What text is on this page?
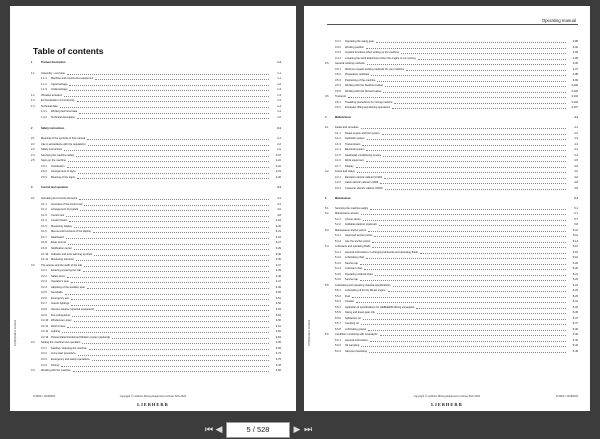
Table of contents
16(SR)Edition 01/2021
1	Product description	1-1
1.1 Assembly - overview	1-1
1.1.1 Machine and construction equipment	1-1
1.1.2 Uppercarriage	1-2
1.1.3 Undercarriage	1-3
1.2 Vibration emission	1-3
1.3 EC Declaration of Conformity	1-3
1.4 Technical data	1-4
1.4.1 Working technical data	1-4
1.4.2 Technical description	1-6
2	Safety instructions	2-1
2.1 Meaning of the symbols in this manual	2-1
2.2 Use in accordance with the regulations	2-2
2.3 Safety instructions	2-2
2.4 Servicing the machine safely	2-15
2.5 Signs on the machine	2-22
2.5.1 Introduction	2-22
2.5.2 Arrangement of signs	2-23
2.5.3 Meaning of the signs	2-26
3	Control and operation	3-1
3.1 Operating and control elements	3-1
3.1.1 Overview of the control cab	3-1
3.1.2 Arrangement of joystick	3-6
3.1.3 Control unit	3-8
3.1.4 Control board	3-18
3.1.5 Monitoring display	3-20
3.1.6 Menus and functions of the display	3-21
3.1.7 Dashboard	3-24
3.1.8 Enter prompt	3-27
3.1.9 Notification center	3-29
3.1.10 Indicator and error warning symbols	3-30
3.1.11 Monitoring cameras	3-35
3.2 The access and the outfit of the cab	3-37
3.2.1 Entering a leaving the cab	3-39
3.2.2 Safety lever	3-46
3.2.3 Operator's seat	3-47
3.2.4 Adjusting of the auxiliary seat	3-49
3.2.5 Sunshade	3-50
3.2.6 Emergency exit	3-51
3.2.7 Interior lightings	3-52
3.2.8 Vacuum cleaner (optional equipment)	3-53
3.2.9 Fire extinguisher	3-54
3.2.10 Windscreen wiper	3-56
3.2.11 Field of view	3-61
3.2.12 Lighting	3-62
3.2.13 Pressurization/reinforced filtration system (optional)	3-63
3.3 Setting the machine into operation	3-65
3.3.1 Starting / stopping the machine	3-65
3.3.2 Jump start procedure	3-73
3.3.3 Emergency and safety operations	3-75
3.3.4 Driving	3-78
3.4 Working with the machine	3-82
R 9600 / 12236004	copyright © Liebherr-Mining Equipment Colmar SAS 2021
LIEBHERR
Operating manual
16(SR)Edition 01/2021
3.4.1 Operating the swing gear	3-89
3.4.2 Working position	3-92
3.4.3 Joystick functions when setting up the machine	3-93
3.4.4 Lowering the work attachment when the engine is not running	3-95
3.5 General working methods	3-96
3.5.1 Minimum impact working methods for your machine	3-97
3.5.2 Preparatory activities	3-98
3.5.3 Positioning of the machine	3-99
3.5.4 Working with the backhoe bucket	3-100
3.5.5 Working with the Shovel bucket	3-102
3.6 Transport	3-104
3.6.1 Travelling procedures for mining machine	3-104
3.6.2 Excavator lifting and lashing operations	3-107
4	Malfunctions	4-1
4.1 Faults and remedies	4-1
4.1.1 Diesel engine and fuel system	4-2
4.1.2 Hydraulic system	4-3
4.1.3 Transmission	4-3
4.1.4 Electrical system	4-4
4.1.5 Heating/air-conditioning system	4-4
4.1.6 Work equipment	4-5
4.1.7 Display	4-5
4.2 Fuses and relays	4-6
4.2.1 Elevation electric cabinet U1003	4-6
4.2.2 Cabin electric cabinet U1005	4-8
4.2.3 Customer electric cabinet U1815	4-8
5	Maintenance	5-1
5.1 Servicing the machine safely	5-1
5.2 Maintenance access	5-7
5.2.1 Access doors	5-7
5.2.2 Foldable platform (optional)	5-8
5.3 Maintenance anchor points	5-11
5.3.1 Approved anchor points	5-11
5.3.2 Use the anchor points	5-14
5.4 Lubricants and operating fluids	5-15
5.4.1 General information on changing lubricants and operating fluids	5-15
5.4.2 Lubricating chart	5-16
5.4.3 Service tap	5-20
5.4.4 Lubricant chart	5-20
5.4.5 Operating material chart	5-21
5.4.6 Service tap	5-22
5.5 Lubricating and operating material specifications	5-23
5.5.1 Lubricating oil for the Diesel engine	5-23
5.5.2 Fuel	5-29
5.5.3 Coolant	5-31
5.5.4 Hydraulic oil specifications for LIEBHERR Mining excavators	5-34
5.5.5 Swing and travel gear oils	5-36
5.5.6 Splitterbox oil	5-37
5.5.7 Coupling oil	5-37
5.5.8 Lubricating grease	5-39
5.6 Condition monitoring with oil analysis	5-42
5.6.1 General information	5-42
5.6.2 Oil sampling	5-43
5.6.3 Sample processing	5-45
copyright © Liebherr-Mining Equipment Colmar SAS 2021	R 9600 / 12236004
LIEBHERR
⏮ ◀	5 / 528	▶ ⏭
